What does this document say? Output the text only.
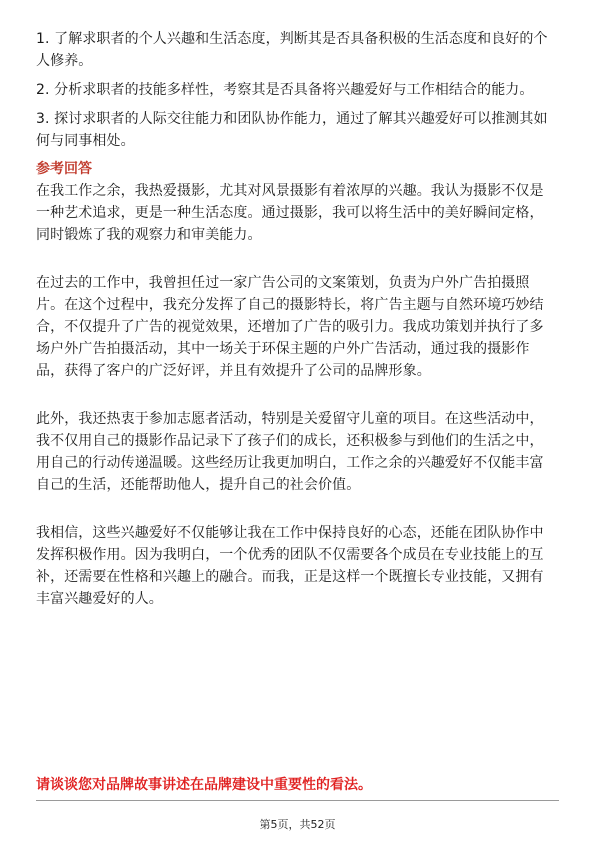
1. 了解求职者的个人兴趣和生活态度，判断其是否具备积极的生活态度和良好的个
人修养。
2. 分析求职者的技能多样性，考察其是否具备将兴趣爱好与工作相结合的能力。
3. 探讨求职者的人际交往能力和团队协作能力，通过了解其兴趣爱好可以推测其如
何与同事相处。
参考回答
在我工作之余，我热爱摄影，尤其对风景摄影有着浓厚的兴趣。我认为摄影不仅是
一种艺术追求，更是一种生活态度。通过摄影，我可以将生活中的美好瞬间定格，
同时锻炼了我的观察力和审美能力。
在过去的工作中，我曾担任过一家广告公司的文案策划，负责为户外广告拍摄照
片。在这个过程中，我充分发挥了自己的摄影特长，将广告主题与自然环境巧妙结
合，不仅提升了广告的视觉效果，还增加了广告的吸引力。我成功策划并执行了多
场户外广告拍摄活动，其中一场关于环保主题的户外广告活动，通过我的摄影作
品，获得了客户的广泛好评，并且有效提升了公司的品牌形象。
此外，我还热衷于参加志愿者活动，特别是关爱留守儿童的项目。在这些活动中，
我不仅用自己的摄影作品记录下了孩子们的成长，还积极参与到他们的生活之中，
用自己的行动传递温暖。这些经历让我更加明白，工作之余的兴趣爱好不仅能丰富
自己的生活，还能帮助他人，提升自己的社会价值。
我相信，这些兴趣爱好不仅能够让我在工作中保持良好的心态，还能在团队协作中
发挥积极作用。因为我明白，一个优秀的团队不仅需要各个成员在专业技能上的互
补，还需要在性格和兴趣上的融合。而我，正是这样一个既擅长专业技能，又拥有
丰富兴趣爱好的人。
请谈谈您对品牌故事讲述在品牌建设中重要性的看法。
第5页，共52页
